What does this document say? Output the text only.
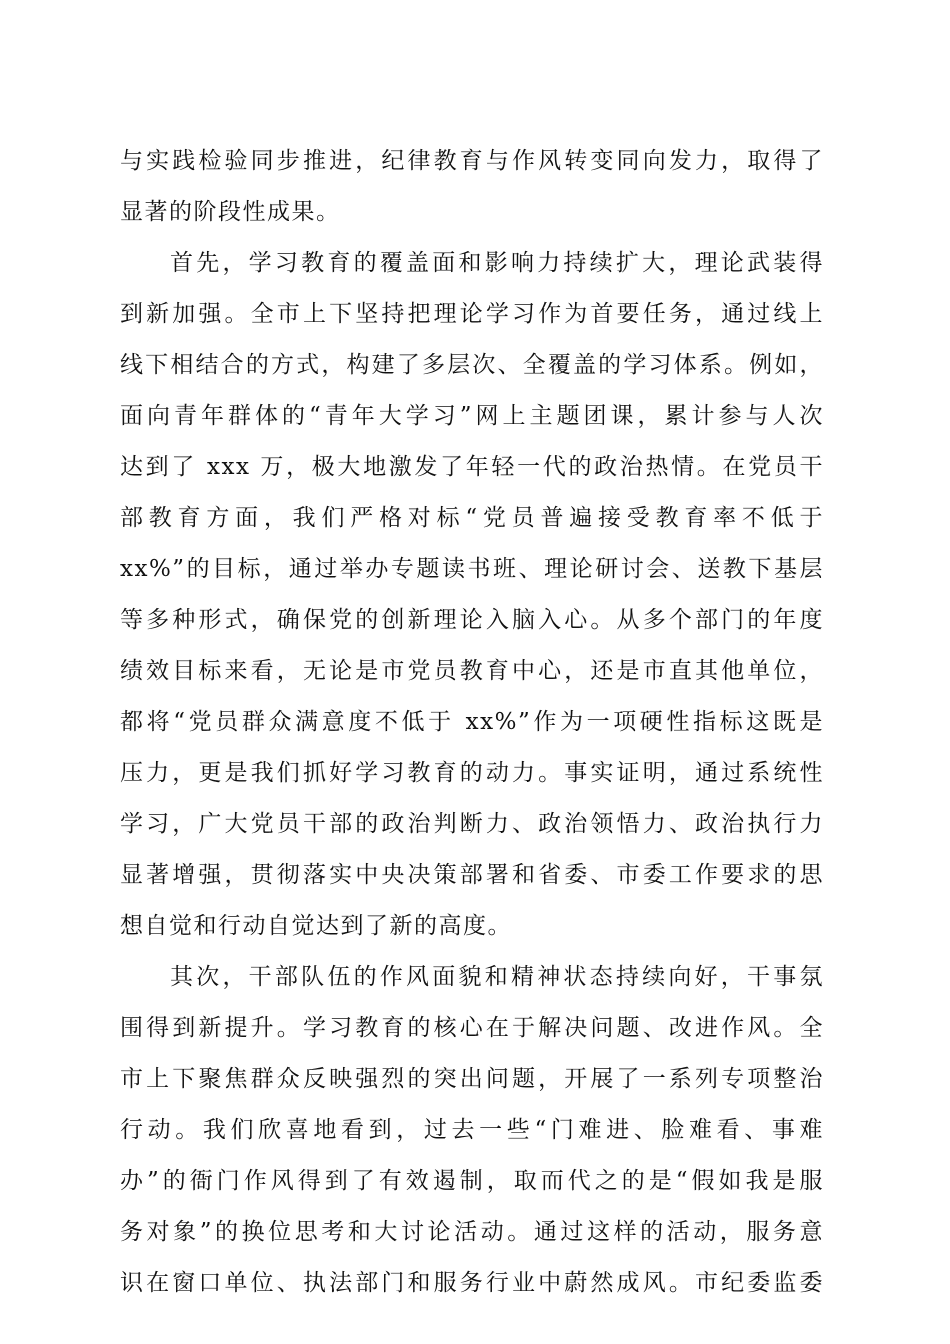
与实践检验同步推进，纪律教育与作风转变同向发力，取得了
显著的阶段性成果。
首先，学习教育的覆盖面和影响力持续扩大，理论武装得
到新加强。全市上下坚持把理论学习作为首要任务，通过线上
线下相结合的方式，构建了多层次、全覆盖的学习体系。例如，
面向青年群体的“青年大学习”网上主题团课，累计参与人次
达到了 xxx 万，极大地激发了年轻一代的政治热情。在党员干
部教育方面，我们严格对标“党员普遍接受教育率不低于
xx%”的目标，通过举办专题读书班、理论研讨会、送教下基层
等多种形式，确保党的创新理论入脑入心。从多个部门的年度
绩效目标来看，无论是市党员教育中心，还是市直其他单位，
都将“党员群众满意度不低于 xx%”作为一项硬性指标这既是
压力，更是我们抓好学习教育的动力。事实证明，通过系统性
学习，广大党员干部的政治判断力、政治领悟力、政治执行力
显著增强，贯彻落实中央决策部署和省委、市委工作要求的思
想自觉和行动自觉达到了新的高度。
其次，干部队伍的作风面貌和精神状态持续向好，干事氛
围得到新提升。学习教育的核心在于解决问题、改进作风。全
市上下聚焦群众反映强烈的突出问题，开展了一系列专项整治
行动。我们欣喜地看到，过去一些“门难进、脸难看、事难
办”的衙门作风得到了有效遏制，取而代之的是“假如我是服
务对象”的换位思考和大讨论活动。通过这样的活动，服务意
识在窗口单位、执法部门和服务行业中蔚然成风。市纪委监委
